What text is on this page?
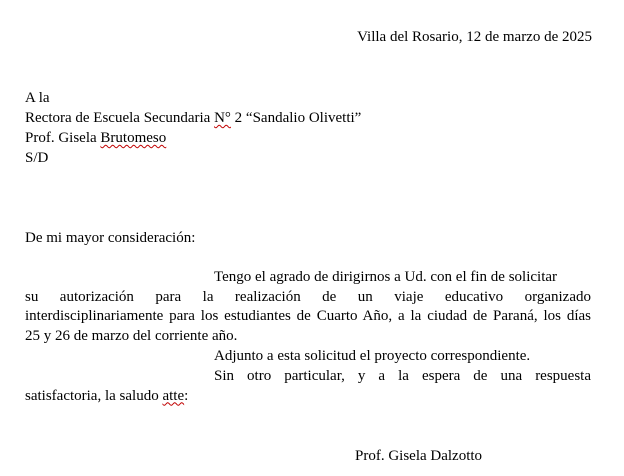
Villa del Rosario, 12 de marzo de 2025
A la
Rectora de Escuela Secundaria N° 2 “Sandalio Olivetti”
Prof. Gisela Brutomeso
S/D
De mi mayor consideración:
Tengo el agrado de dirigirnos a Ud. con el fin de solicitar
su autorización para la realización de un viaje educativo organizado
interdisciplinariamente para los estudiantes de Cuarto Año, a la ciudad de Paraná, los días
25 y 26 de marzo del corriente año.
Adjunto a esta solicitud el proyecto correspondiente.
Sin otro particular, y a la espera de una respuesta
satisfactoria, la saludo atte:
Prof. Gisela Dalzotto
